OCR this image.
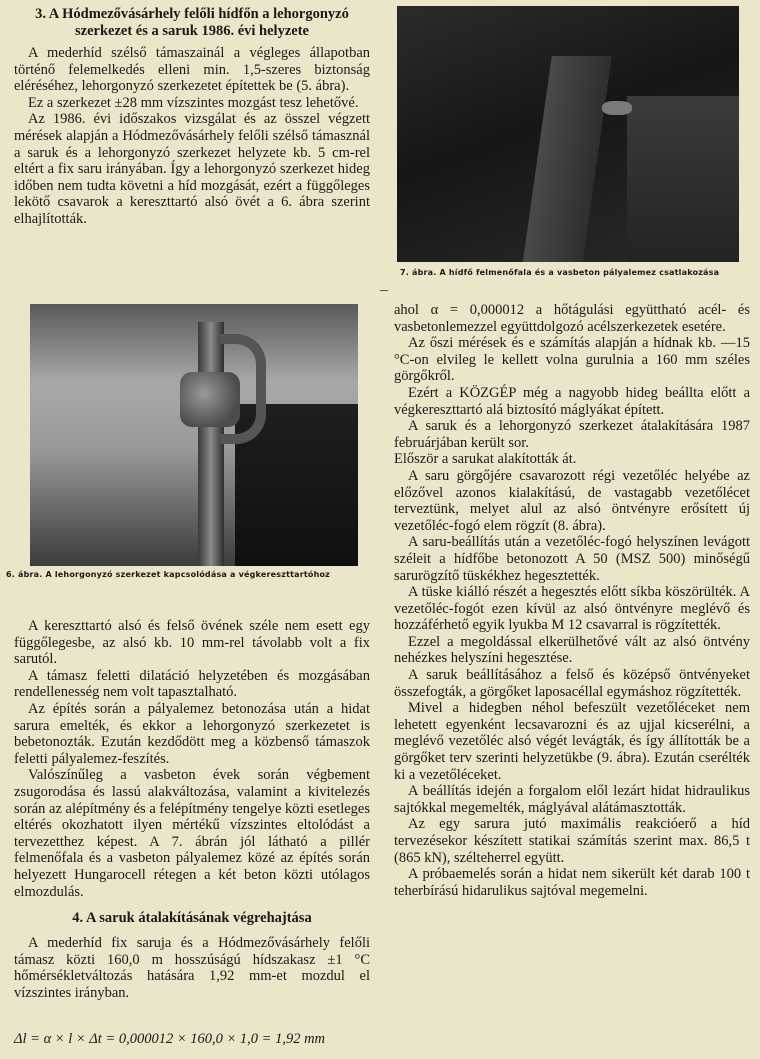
3. A Hódmezővásárhely felőli hídfőn a lehorgonyzó
szerkezet és a saruk 1986. évi helyzete

A mederhíd szélső támaszainál a végleges állapotban történő felemelkedés elleni min. 1,5-szeres biztonság eléréséhez, lehorgonyzó szerkezetet építettek be (5. ábra).

Ez a szerkezet ±28 mm vízszintes mozgást tesz lehetővé.

Az 1986. évi időszakos vizsgálat és az összel végzett mérések alapján a Hódmezővásárhely felőli szélső támasznál a saruk és a lehorgonyzó szerkezet helyzete kb. 5 cm-rel eltért a fix saru irányában. Így a lehorgonyzó szerkezet hideg időben nem tudta követni a híd mozgását, ezért a függőleges lekötő csavarok a kereszttartó alsó övét a 6. ábra szerint elhajlították.

7. ábra. A hídfő felmenőfala és a vasbeton pályalemez csatlakozása
6. ábra. A lehorgonyzó szerkezet kapcsolódása a végkereszttartóhoz

A kereszttartó alsó és felső övének széle nem esett egy függőlegesbe, az alsó kb. 10 mm-rel távolabb volt a fix sarutól.

A támasz feletti dilatáció helyzetében és mozgásában rendellenesség nem volt tapasztalható.

Az építés során a pályalemez betonozása után a hidat sarura emelték, és ekkor a lehorgonyzó szerkezetet is bebetonozták. Ezután kezdődött meg a közbenső támaszok feletti pályalemez-feszítés.

Valószínűleg a vasbeton évek során végbement zsugorodása és lassú alakváltozása, valamint a kivitelezés során az alépítmény és a felépítmény tengelye közti esetleges eltérés okozhatott ilyen mértékű vízszintes eltolódást a tervezetthez képest. A 7. ábrán jól látható a pillér felmenőfala és a vasbeton pályalemez közé az építés során helyezett Hungarocell rétegen a két beton közti utólagos elmozdulás.

4. A saruk átalakításának végrehajtása

A mederhíd fix saruja és a Hódmezővásárhely felőli támasz közti 160,0 m hosszúságú hídszakasz ±1 °C hőmérsékletváltozás hatására 1,92 mm-et mozdul el vízszintes irányban.

Δl = α × l × Δt = 0,000012 × 160,0 × 1,0 = 1,92 mm

ahol α = 0,000012 a hőtágulási együttható acél- és vasbetonlemezzel együttdolgozó acélszerkezetek esetére.

Az őszi mérések és e számítás alapján a hídnak kb. —15 °C-on elvileg le kellett volna gurulnia a 160 mm széles görgőkről.

Ezért a KÖZGÉP még a nagyobb hideg beállta előtt a végkereszttartó alá biztosító máglyákat épített.

A saruk és a lehorgonyzó szerkezet átalakítására 1987 februárjában került sor.

Először a sarukat alakították át.

A saru görgőjére csavarozott régi vezetőléc helyébe az előzővel azonos kialakítású, de vastagabb vezetőlécet terveztünk, melyet alul az alsó öntvényre erősített új vezetőléc-fogó elem rögzít (8. ábra).

A saru-beállítás után a vezetőléc-fogó helyszínen levágott széleit a hídfőbe betonozott A 50 (MSZ 500) minőségű sarurögzítő tüskékhez hegesztették.

A tüske kiálló részét a hegesztés előtt síkba köszörülték. A vezetőléc-fogót ezen kívül az alsó öntvényre meglévő és hozzáférhető egyik lyukba M 12 csavarral is rögzítették.

Ezzel a megoldással elkerülhetővé vált az alsó öntvény nehézkes helyszíni hegesztése.

A saruk beállításához a felső és középső öntvényeket összefogták, a görgőket laposacéllal egymáshoz rögzítették.

Mivel a hidegben néhol befeszült vezetőléceket nem lehetett egyenként lecsavarozni és az ujjal kicserélni, a meglévő vezetőléc alsó végét levágták, és így állították be a görgőket terv szerinti helyzetükbe (9. ábra). Ezután cserélték ki a vezetőléceket.

A beállítás idején a forgalom elől lezárt hidat hidraulikus sajtókkal megemelték, máglyával alátámasztották.

Az egy sarura jutó maximális reakcióerő a híd tervezésekor készített statikai számítás szerint max. 86,5 t (865 kN), szélteherrel együtt.

A próbaemelés során a hidat nem sikerült két darab 100 t teherbírású hidarulikus sajtóval megemelni.
